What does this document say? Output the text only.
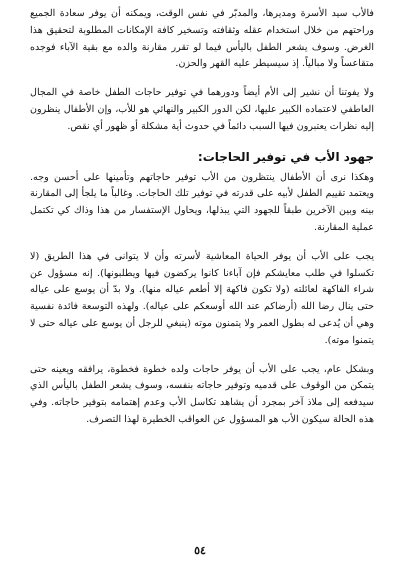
فالأب سيد الأسرة ومديرها، والمدبّر في نفس الوقت، ويمكنه أن يوفر سعادة الجميع وراحتهم من خلال استخدام عقله وثقافته وتسخير كافة الإمكانات المطلوبة لتحقيق هذا الغرض. وسوف يشعر الطفل باليأس فيما لو تقرر مقارنة والده مع بقية الآباء فوجده متقاعساً ولا مبالياً. إذ سيسيطر عليه القهر والحزن.

ولا يفوتنا أن نشير إلى الأم أيضاً ودورهما في توفير حاجات الطفل خاصة في المجال العاطفي لاعتماده الكبير عليها، لكن الدور الكبير والنهائي هو للأب، وإن الأطفال ينظرون إليه نظرات يعتبرون فيها السبب دائماً في حدوث أية مشكلة أو ظهور أي نقص.

جهود الأب في توفير الحاجات:

وهكذا نرى أن الأطفال ينتظرون من الأب توفير حاجاتهم وتأمينها على أحسن وجه. ويعتمد تقييم الطفل لأبيه على قدرته في توفير تلك الحاجات. وغالباً ما يلجأ إلى المقارنة بينه وبين الآخرين طبقاً للجهود التي يبذلها، ويحاول الإستفسار من هذا وذاك كي تكتمل عملية المقارنة.

يجب على الأب أن يوفر الحياة المعاشية لأسرته وأن لا يتوانى في هذا الطريق (لا تكسلوا في طلب معايشكم فإن آباءنا كانوا يركضون فيها ويطلبونها). إنه مسؤول عن شراء الفاكهة لعائلته (ولا تكون فاكهة إلا أطعم عياله منها). ولا بدّ أن يوسع على عياله حتى ينال رضا الله (أرضاكم عند الله أوسعكم على عياله). ولهذه التوسعة فائدة نفسية وهي أن يُدعى له بطول العمر ولا يتمنون موته (ينبغي للرجل أن يوسع على عياله حتى لا يتمنوا موته).

وبشكل عام، يجب على الأب أن يوفر حاجات ولده خطوة فخطوة، يرافقه ويعينه حتى يتمكن من الوقوف على قدميه وتوفير حاجاته بنفسه، وسوف يشعر الطفل باليأس الذي سيدفعه إلى ملاذ آخر بمجرد أن يشاهد تكاسل الأب وعدم إهتمامه بتوفير حاجاته. وفي هذه الحالة سيكون الأب هو المسؤول عن العواقب الخطيرة لهذا التصرف.

٥٤
